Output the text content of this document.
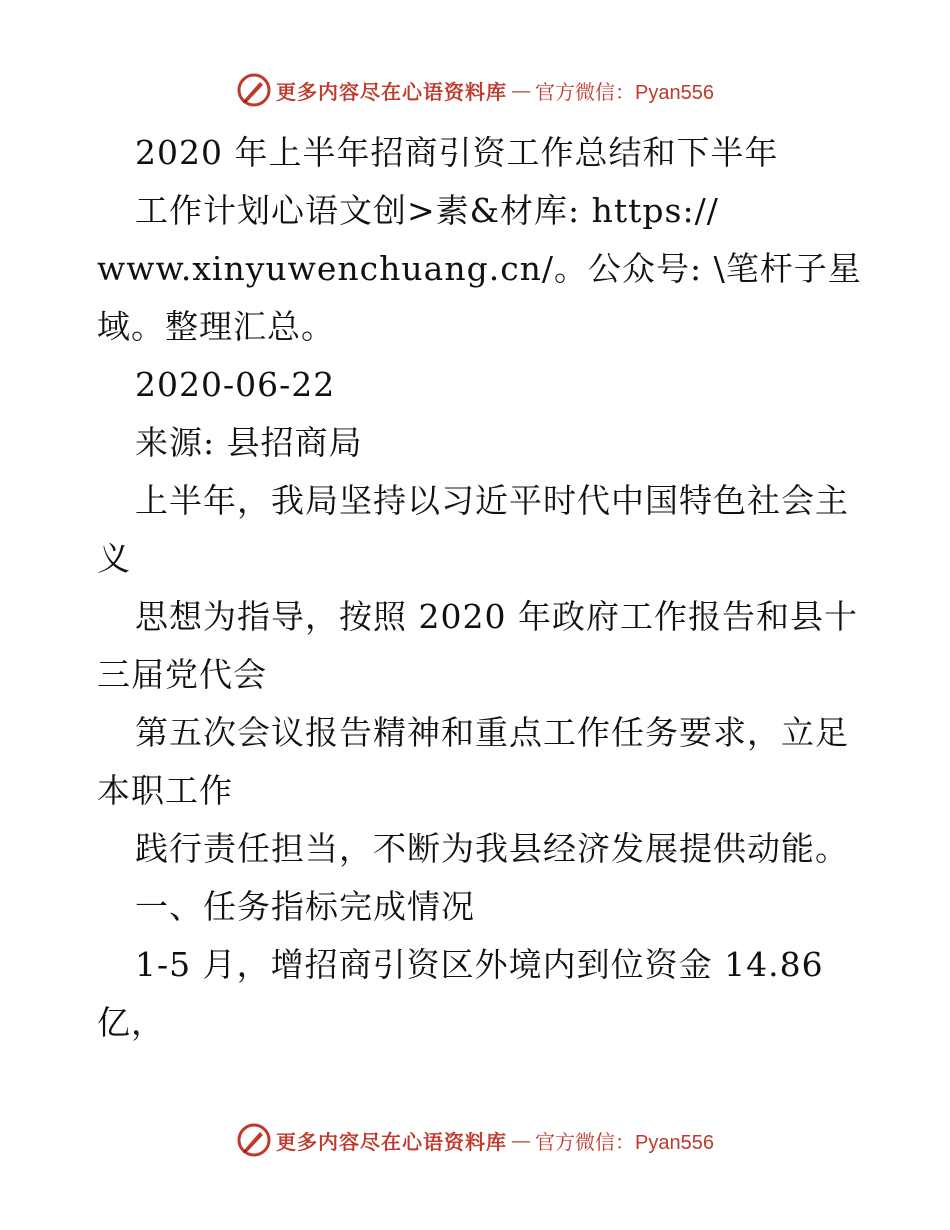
更多内容尽在心语资料库 — 官方微信：Pyan556

2020 年上半年招商引资工作总结和下半年

工作计划心语文创>素&材库: https://

www.xinyuwenchuang.cn/。公众号: \笔杆子星

域。整理汇总。

2020-06-22

来源: 县招商局

上半年，我局坚持以习近平时代中国特色社会主

义

思想为指导，按照 2020 年政府工作报告和县十

三届党代会

第五次会议报告精神和重点工作任务要求，立足

本职工作

践行责任担当，不断为我县经济发展提供动能。

一、任务指标完成情况

1-5 月，增招商引资区外境内到位资金 14.86

亿，

更多内容尽在心语资料库 — 官方微信：Pyan556
